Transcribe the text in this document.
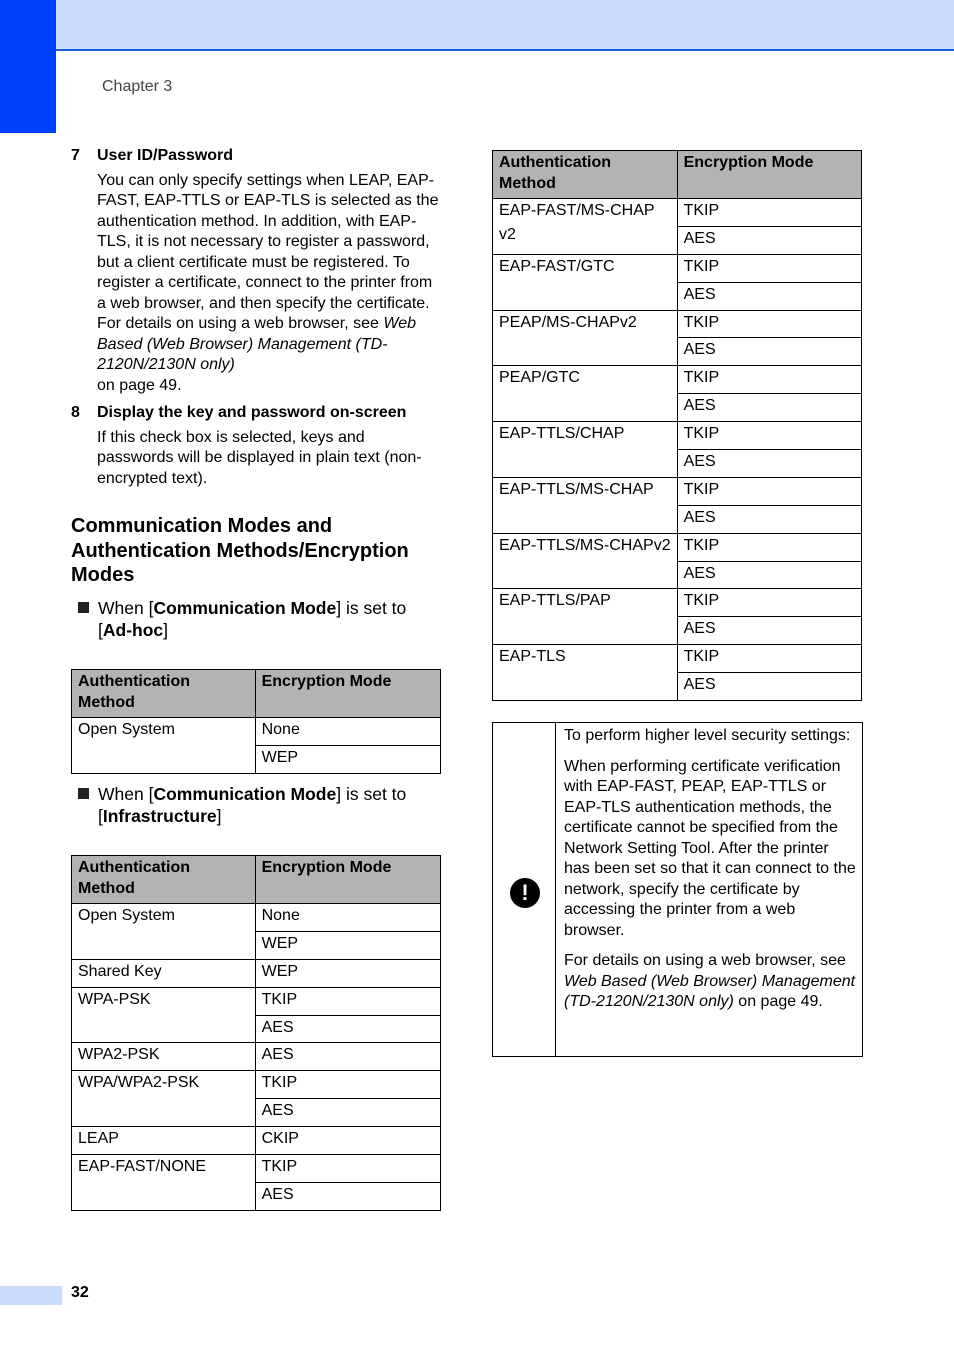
Chapter 3
7 User ID/Password
You can only specify settings when LEAP, EAP-FAST, EAP-TTLS or EAP-TLS is selected as the authentication method. In addition, with EAP-TLS, it is not necessary to register a password, but a client certificate must be registered. To register a certificate, connect to the printer from a web browser, and then specify the certificate. For details on using a web browser, see Web Based (Web Browser) Management (TD-2120N/2130N only)
on page 49.
8 Display the key and password on-screen
If this check box is selected, keys and passwords will be displayed in plain text (non-encrypted text).
Communication Modes and Authentication Methods/Encryption Modes
When [Communication Mode] is set to [Ad-hoc]
Authentication Method	Encryption Mode
Open System	None
	WEP
When [Communication Mode] is set to [Infrastructure]
Authentication Method	Encryption Mode
Open System	None
	WEP
Shared Key	WEP
WPA-PSK	TKIP
	AES
WPA2-PSK	AES
WPA/WPA2-PSK	TKIP
	AES
LEAP	CKIP
EAP-FAST/NONE	TKIP
	AES
Authentication Method	Encryption Mode
EAP-FAST/MS-CHAP v2	TKIP
	AES
EAP-FAST/GTC	TKIP
	AES
PEAP/MS-CHAPv2	TKIP
	AES
PEAP/GTC	TKIP
	AES
EAP-TTLS/CHAP	TKIP
	AES
EAP-TTLS/MS-CHAP	TKIP
	AES
EAP-TTLS/MS-CHAPv2	TKIP
	AES
EAP-TTLS/PAP	TKIP
	AES
EAP-TLS	TKIP
	AES
!

To perform higher level security settings:

When performing certificate verification with EAP-FAST, PEAP, EAP-TTLS or EAP-TLS authentication methods, the certificate cannot be specified from the Network Setting Tool. After the printer has been set so that it can connect to the network, specify the certificate by accessing the printer from a web browser.

For details on using a web browser, see Web Based (Web Browser) Management (TD-2120N/2130N only) on page 49.

32
